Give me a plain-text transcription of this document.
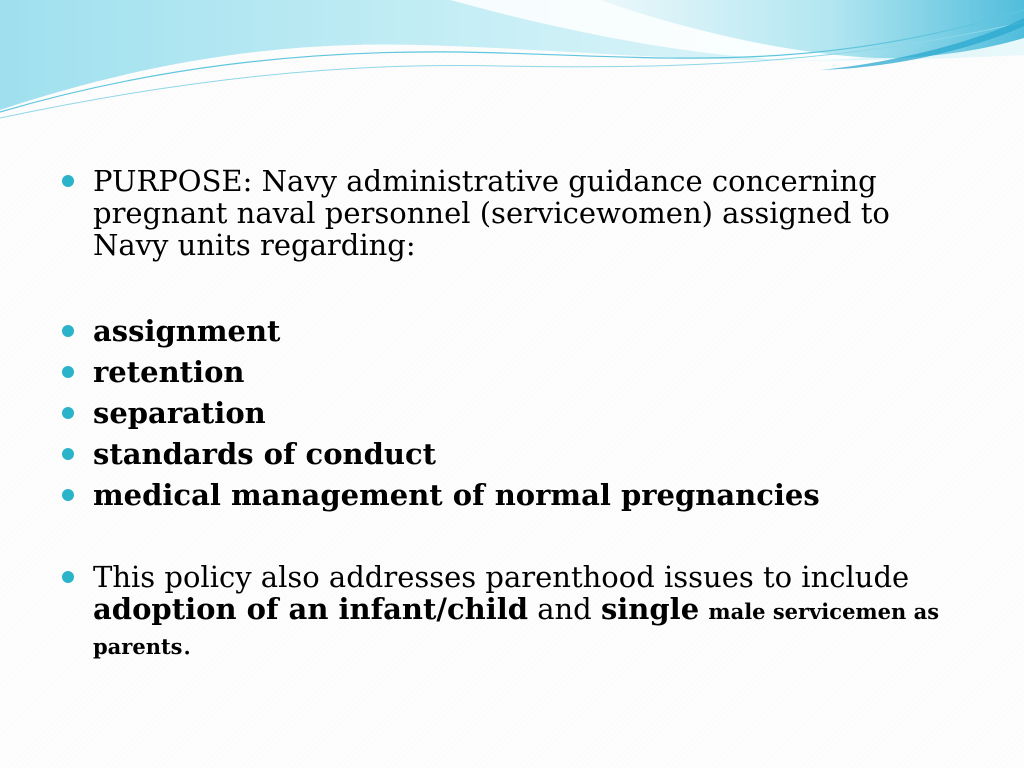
PURPOSE: Navy administrative guidance concerning pregnant naval personnel (servicewomen) assigned to Navy units regarding:
assignment
retention
separation
standards of conduct
medical management of normal pregnancies
This policy also addresses parenthood issues to include adoption of an infant/child and single male servicemen as parents.
